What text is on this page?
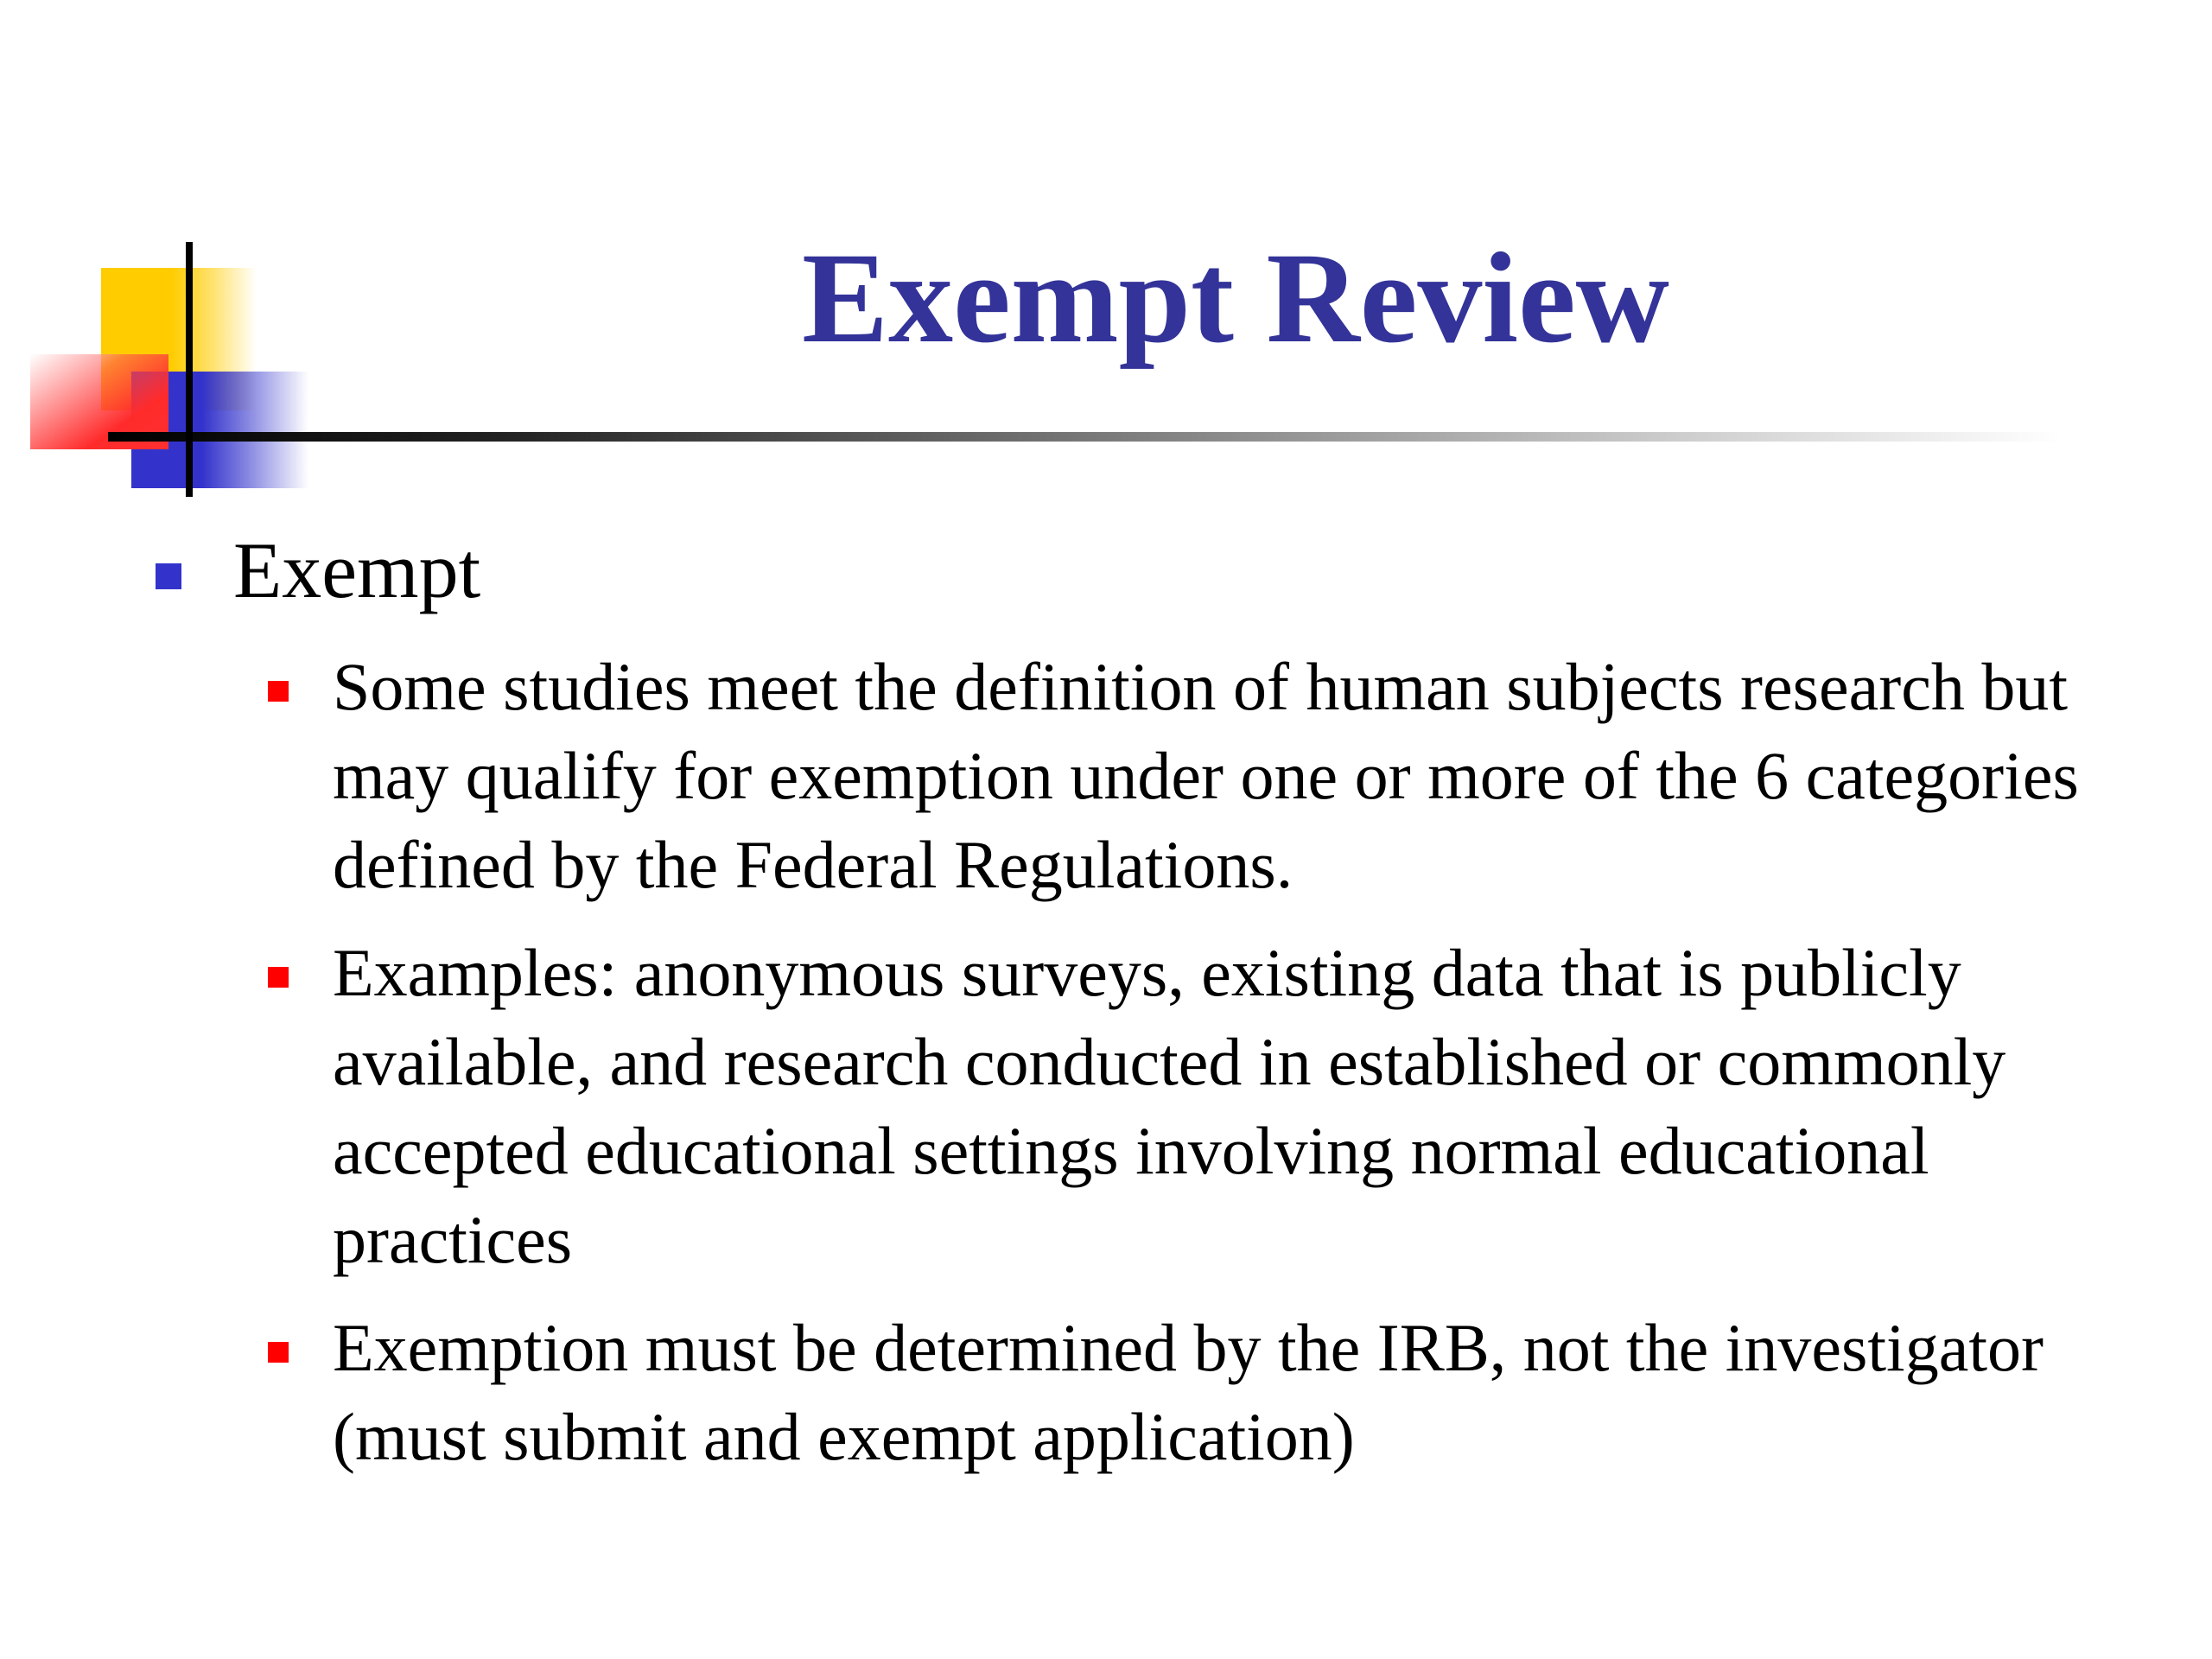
Exempt Review
Exempt
Some studies meet the definition of human subjects research but may qualify for exemption under one or more of the 6 categories defined by the Federal Regulations.
Examples: anonymous surveys, existing data that is publicly available, and research conducted in established or commonly accepted educational settings involving normal educational practices
Exemption must be determined by the IRB, not the investigator (must submit and exempt application)
